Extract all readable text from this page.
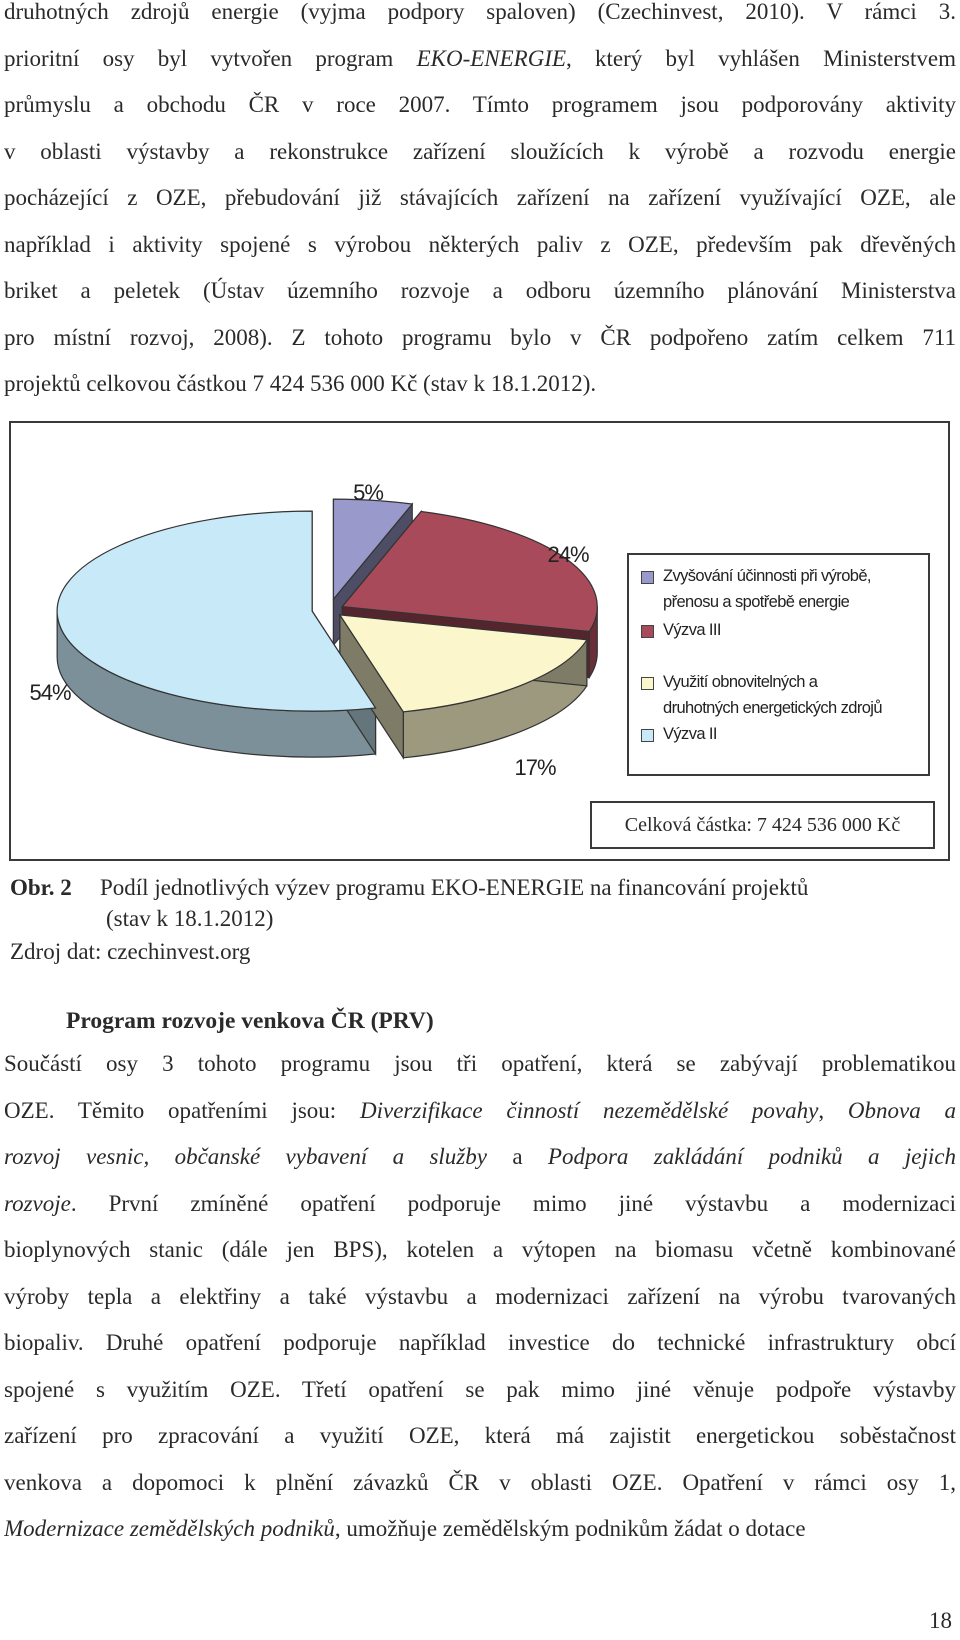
druhotných zdrojů energie (vyjma podpory spaloven) (Czechinvest, 2010). V rámci 3.
prioritní osy byl vytvořen program EKO-ENERGIE, který byl vyhlášen Ministerstvem
průmyslu a obchodu ČR v roce 2007. Tímto programem jsou podporovány aktivity
v oblasti výstavby a rekonstrukce zařízení sloužících k výrobě a rozvodu energie
pocházející z OZE, přebudování již stávajících zařízení na zařízení využívající OZE, ale
například i aktivity spojené s výrobou některých paliv z OZE, především pak dřevěných
briket a peletek (Ústav územního rozvoje a odboru územního plánování Ministerstva
pro místní rozvoj, 2008). Z tohoto programu bylo v ČR podpořeno zatím celkem 711
projektů celkovou částkou 7 424 536 000 Kč (stav k 18.1.2012).
5%
24%
17%
54%
Zvyšování účinnosti při výrobě,
přenosu a spotřebě energie
Výzva III
Využití obnovitelných a
druhotných energetických zdrojů
Výzva II
Celková částka: 7 424 536 000 Kč
Obr. 2 Podíl jednotlivých výzev programu EKO-ENERGIE na financování projektů
(stav k 18.1.2012)
Zdroj dat: czechinvest.org
Program rozvoje venkova ČR (PRV)
Součástí osy 3 tohoto programu jsou tři opatření, která se zabývají problematikou
OZE. Těmito opatřeními jsou: Diverzifikace činností nezemědělské povahy, Obnova a
rozvoj vesnic, občanské vybavení a služby a Podpora zakládání podniků a jejich
rozvoje. První zmíněné opatření podporuje mimo jiné výstavbu a modernizaci
bioplynových stanic (dále jen BPS), kotelen a výtopen na biomasu včetně kombinované
výroby tepla a elektřiny a také výstavbu a modernizaci zařízení na výrobu tvarovaných
biopaliv. Druhé opatření podporuje například investice do technické infrastruktury obcí
spojené s využitím OZE. Třetí opatření se pak mimo jiné věnuje podpoře výstavby
zařízení pro zpracování a využití OZE, která má zajistit energetickou soběstačnost
venkova a dopomoci k plnění závazků ČR v oblasti OZE. Opatření v rámci osy 1,
Modernizace zemědělských podniků, umožňuje zemědělským podnikům žádat o dotace
18
